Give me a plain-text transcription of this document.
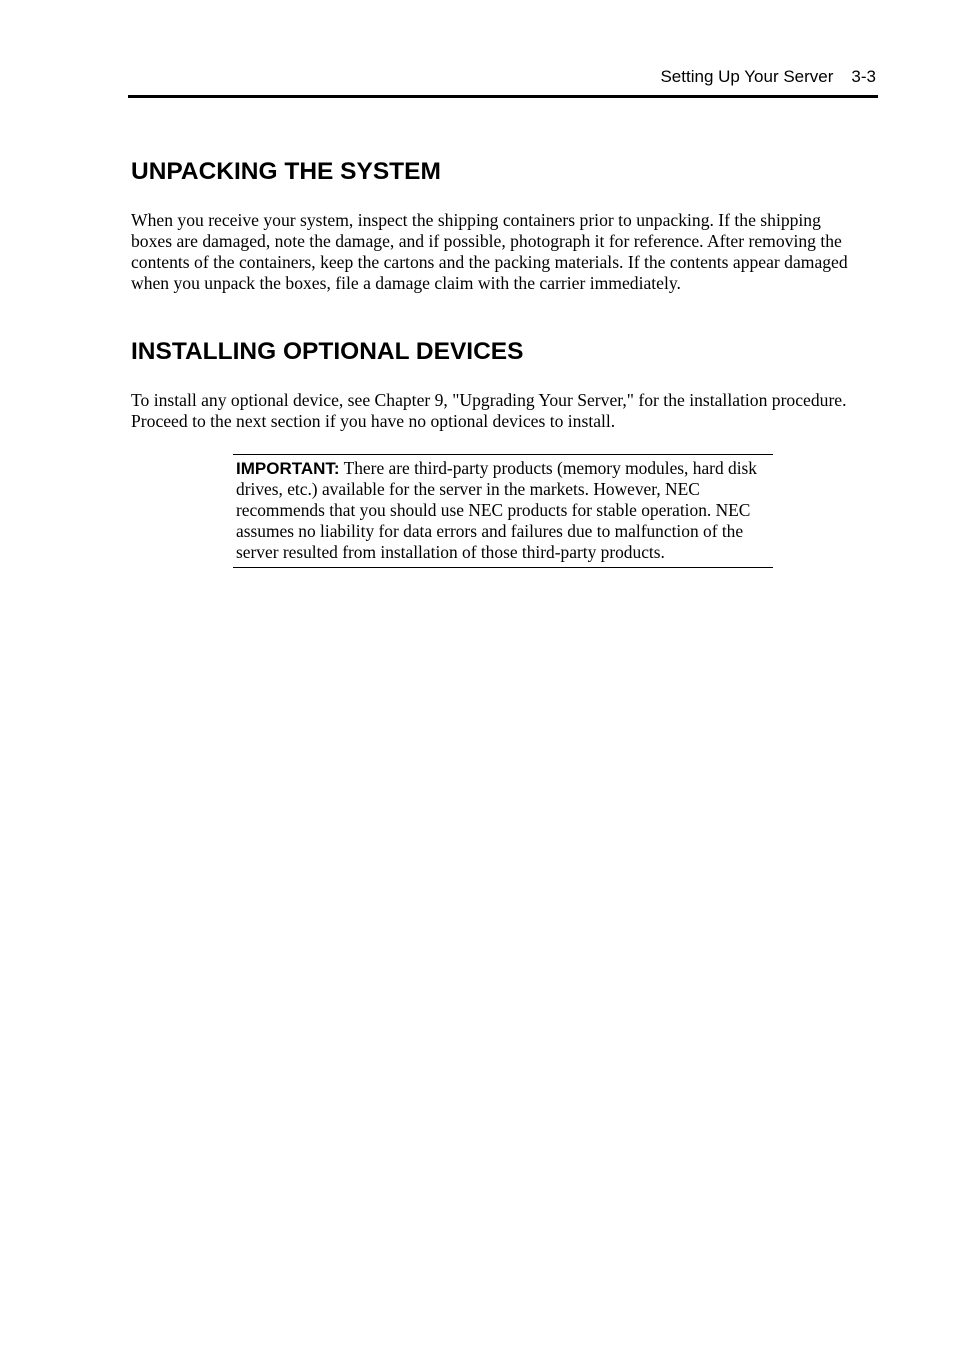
Setting Up Your Server 3-3
UNPACKING THE SYSTEM

When you receive your system, inspect the shipping containers prior to unpacking. If the shipping boxes are damaged, note the damage, and if possible, photograph it for reference. After removing the contents of the containers, keep the cartons and the packing materials. If the contents appear damaged when you unpack the boxes, file a damage claim with the carrier immediately.

INSTALLING OPTIONAL DEVICES

To install any optional device, see Chapter 9, "Upgrading Your Server," for the installation procedure. Proceed to the next section if you have no optional devices to install.

IMPORTANT: There are third-party products (memory modules, hard disk drives, etc.) available for the server in the markets. However, NEC recommends that you should use NEC products for stable operation. NEC assumes no liability for data errors and failures due to malfunction of the server resulted from installation of those third-party products.
